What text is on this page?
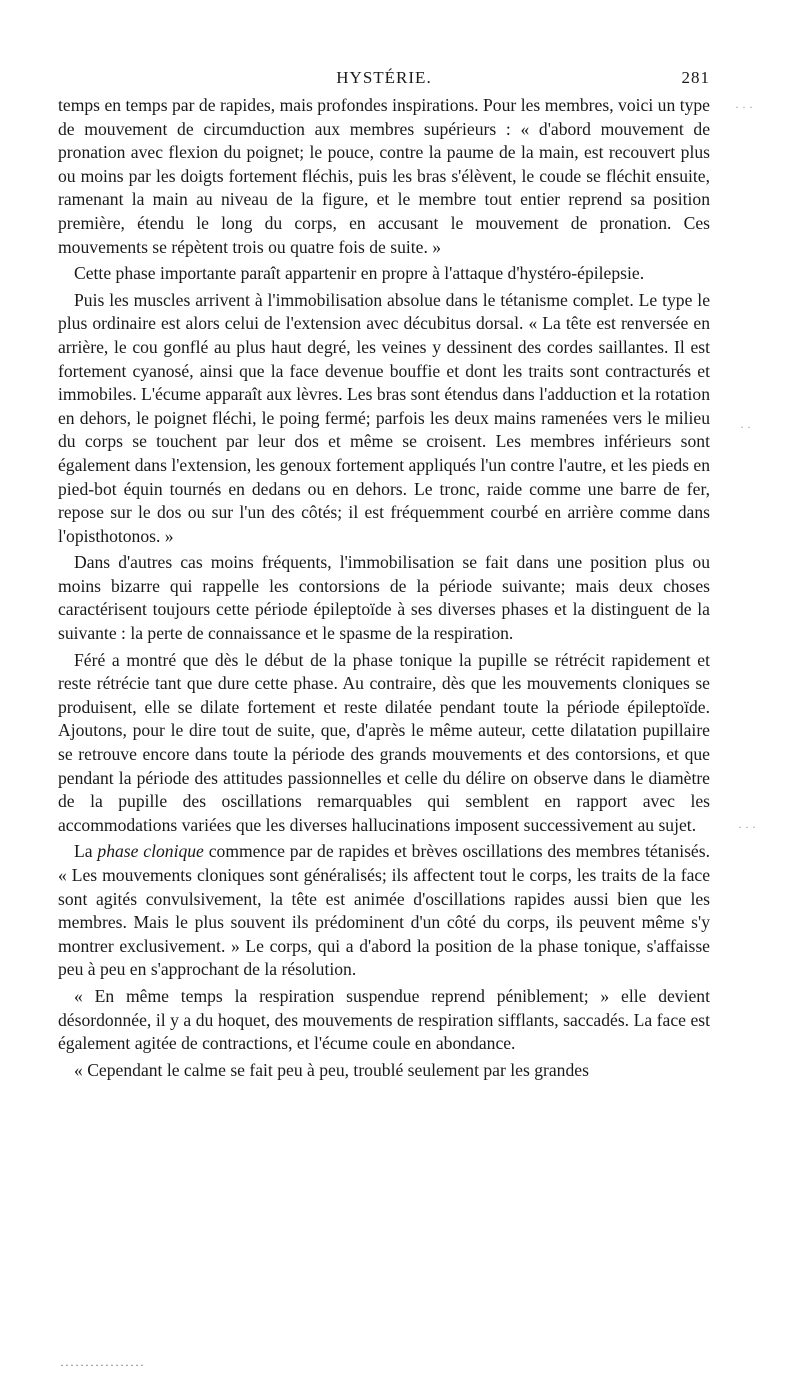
HYSTÉRIE.	281

temps en temps par de rapides, mais profondes inspirations. Pour les membres, voici un type de mouvement de circumduction aux membres supérieurs : « d'abord mouvement de pronation avec flexion du poignet; le pouce, contre la paume de la main, est recouvert plus ou moins par les doigts fortement fléchis, puis les bras s'élèvent, le coude se fléchit ensuite, ramenant la main au niveau de la figure, et le membre tout entier reprend sa position première, étendu le long du corps, en accusant le mouvement de pronation. Ces mouvements se répètent trois ou quatre fois de suite. »

Cette phase importante paraît appartenir en propre à l'attaque d'hystéro-épilepsie.

Puis les muscles arrivent à l'immobilisation absolue dans le tétanisme complet. Le type le plus ordinaire est alors celui de l'extension avec décubitus dorsal. « La tête est renversée en arrière, le cou gonflé au plus haut degré, les veines y dessinent des cordes saillantes. Il est fortement cyanosé, ainsi que la face devenue bouffie et dont les traits sont contracturés et immobiles. L'écume apparaît aux lèvres. Les bras sont étendus dans l'adduction et la rotation en dehors, le poignet fléchi, le poing fermé; parfois les deux mains ramenées vers le milieu du corps se touchent par leur dos et même se croisent. Les membres inférieurs sont également dans l'extension, les genoux fortement appliqués l'un contre l'autre, et les pieds en pied-bot équin tournés en dedans ou en dehors. Le tronc, raide comme une barre de fer, repose sur le dos ou sur l'un des côtés; il est fréquemment courbé en arrière comme dans l'opisthotonos. »

Dans d'autres cas moins fréquents, l'immobilisation se fait dans une position plus ou moins bizarre qui rappelle les contorsions de la période suivante; mais deux choses caractérisent toujours cette période épileptoïde à ses diverses phases et la distinguent de la suivante : la perte de connaissance et le spasme de la respiration.

Féré a montré que dès le début de la phase tonique la pupille se rétrécit rapidement et reste rétrécie tant que dure cette phase. Au contraire, dès que les mouvements cloniques se produisent, elle se dilate fortement et reste dilatée pendant toute la période épileptoïde. Ajoutons, pour le dire tout de suite, que, d'après le même auteur, cette dilatation pupillaire se retrouve encore dans toute la période des grands mouvements et des contorsions, et que pendant la période des attitudes passionnelles et celle du délire on observe dans le diamètre de la pupille des oscillations remarquables qui semblent en rapport avec les accommodations variées que les diverses hallucinations imposent successivement au sujet.

La phase clonique commence par de rapides et brèves oscillations des membres tétanisés. « Les mouvements cloniques sont généralisés; ils affectent tout le corps, les traits de la face sont agités convulsivement, la tête est animée d'oscillations rapides aussi bien que les membres. Mais le plus souvent ils prédominent d'un côté du corps, ils peuvent même s'y montrer exclusivement. » Le corps, qui a d'abord la position de la phase tonique, s'affaisse peu à peu en s'approchant de la résolution.

« En même temps la respiration suspendue reprend péniblement; » elle devient désordonnée, il y a du hoquet, des mouvements de respiration sifflants, saccadés. La face est également agitée de contractions, et l'écume coule en abondance.

« Cependant le calme se fait peu à peu, troublé seulement par les grandes

· · ·
· ·
· · ·
·················
